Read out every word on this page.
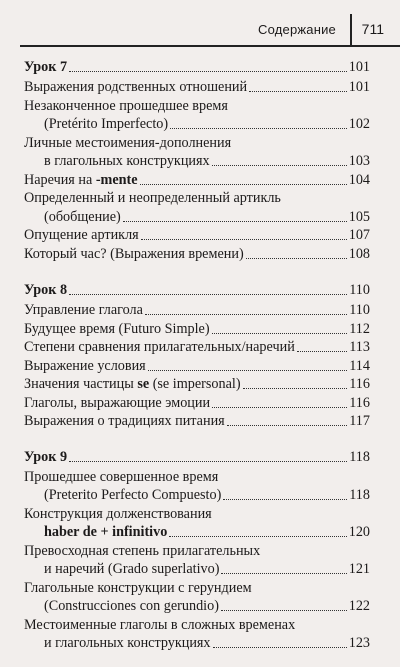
Содержание 711
Урок 7	101
Выражения родственных отношений	101
Незаконченное прошедшее время
(Pretérito Imperfecto)	102
Личные местоимения-дополнения
в глагольных конструкциях	103
Наречия на -mente	104
Определенный и неопределенный артикль
(обобщение)	105
Опущение артикля	107
Который час? (Выражения времени)	108
Урок 8	110
Управление глагола	110
Будущее время (Futuro Simple)	112
Степени сравнения прилагательных/наречий	113
Выражение условия	114
Значения частицы se (se impersonal)	116
Глаголы, выражающие эмоции	116
Выражения о традициях питания	117
Урок 9	118
Прошедшее совершенное время
(Preterito Perfecto Compuesto)	118
Конструкция долженствования
haber de + infinitivo	120
Превосходная степень прилагательных
и наречий (Grado superlativo)	121
Глагольные конструкции с герундием
(Construcciones con gerundio)	122
Местоименные глаголы в сложных временах
и глагольных конструкциях	123
